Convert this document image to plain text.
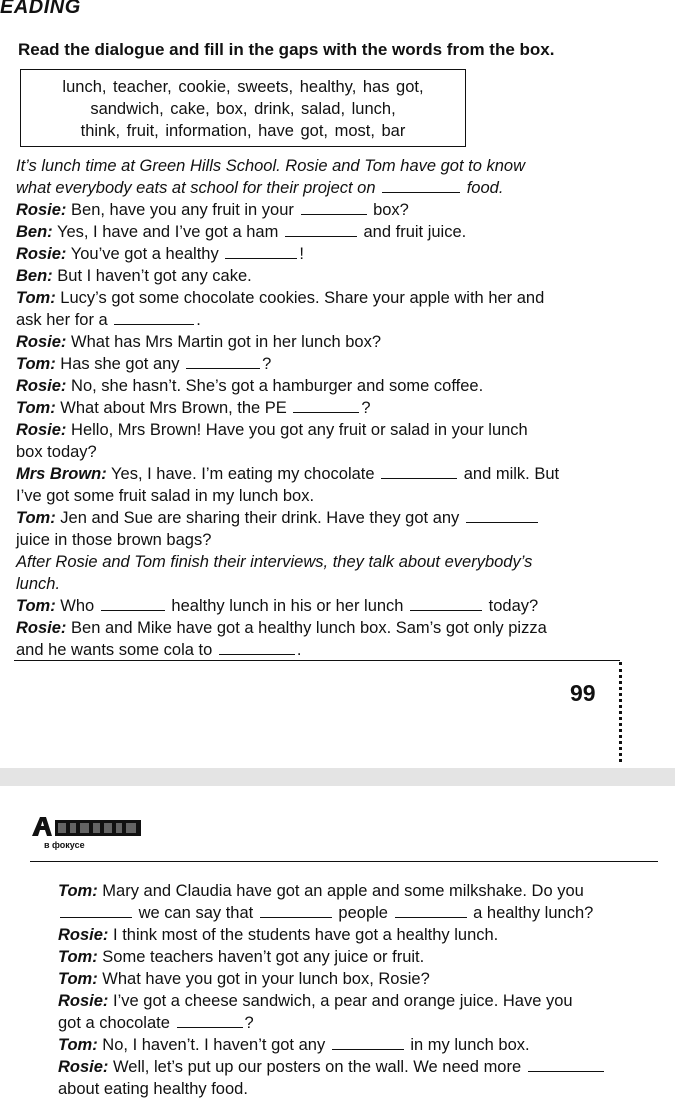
EADING
Read the dialogue and fill in the gaps with the words from the box.
lunch, teacher, cookie, sweets, healthy, has got,
sandwich, cake, box, drink, salad, lunch,
think, fruit, information, have got, most, bar
It’s lunch time at Green Hills School. Rosie and Tom have got to know
what everybody eats at school for their project on	food.
Rosie: Ben, have you any fruit in your	box?
Ben: Yes, I have and I’ve got a ham	and fruit juice.
Rosie: You’ve got a healthy	!
Ben: But I haven’t got any cake.
Tom: Lucy’s got some chocolate cookies. Share your apple with her and
ask her for a	.
Rosie: What has Mrs Martin got in her lunch box?
Tom: Has she got any	?
Rosie: No, she hasn’t. She’s got a hamburger and some coffee.
Tom: What about Mrs Brown, the PE	?
Rosie: Hello, Mrs Brown! Have you got any fruit or salad in your lunch
box today?
Mrs Brown: Yes, I have. I’m eating my chocolate	and milk. But
I’ve got some fruit salad in my lunch box.
Tom: Jen and Sue are sharing their drink. Have they got any
juice in those brown bags?
After Rosie and Tom finish their interviews, they talk about everybody’s
lunch.
Tom: Who	healthy lunch in his or her lunch	today?
Rosie: Ben and Mike have got a healthy lunch box. Sam’s got only pizza
and he wants some cola to	.
99
в фокусе
Tom: Mary and Claudia have got an apple and some milkshake. Do you
we can say that	people	a healthy lunch?
Rosie: I think most of the students have got a healthy lunch.
Tom: Some teachers haven’t got any juice or fruit.
Tom: What have you got in your lunch box, Rosie?
Rosie: I’ve got a cheese sandwich, a pear and orange juice. Have you
got a chocolate	?
Tom: No, I haven’t. I haven’t got any	in my lunch box.
Rosie: Well, let’s put up our posters on the wall. We need more
about eating healthy food.
